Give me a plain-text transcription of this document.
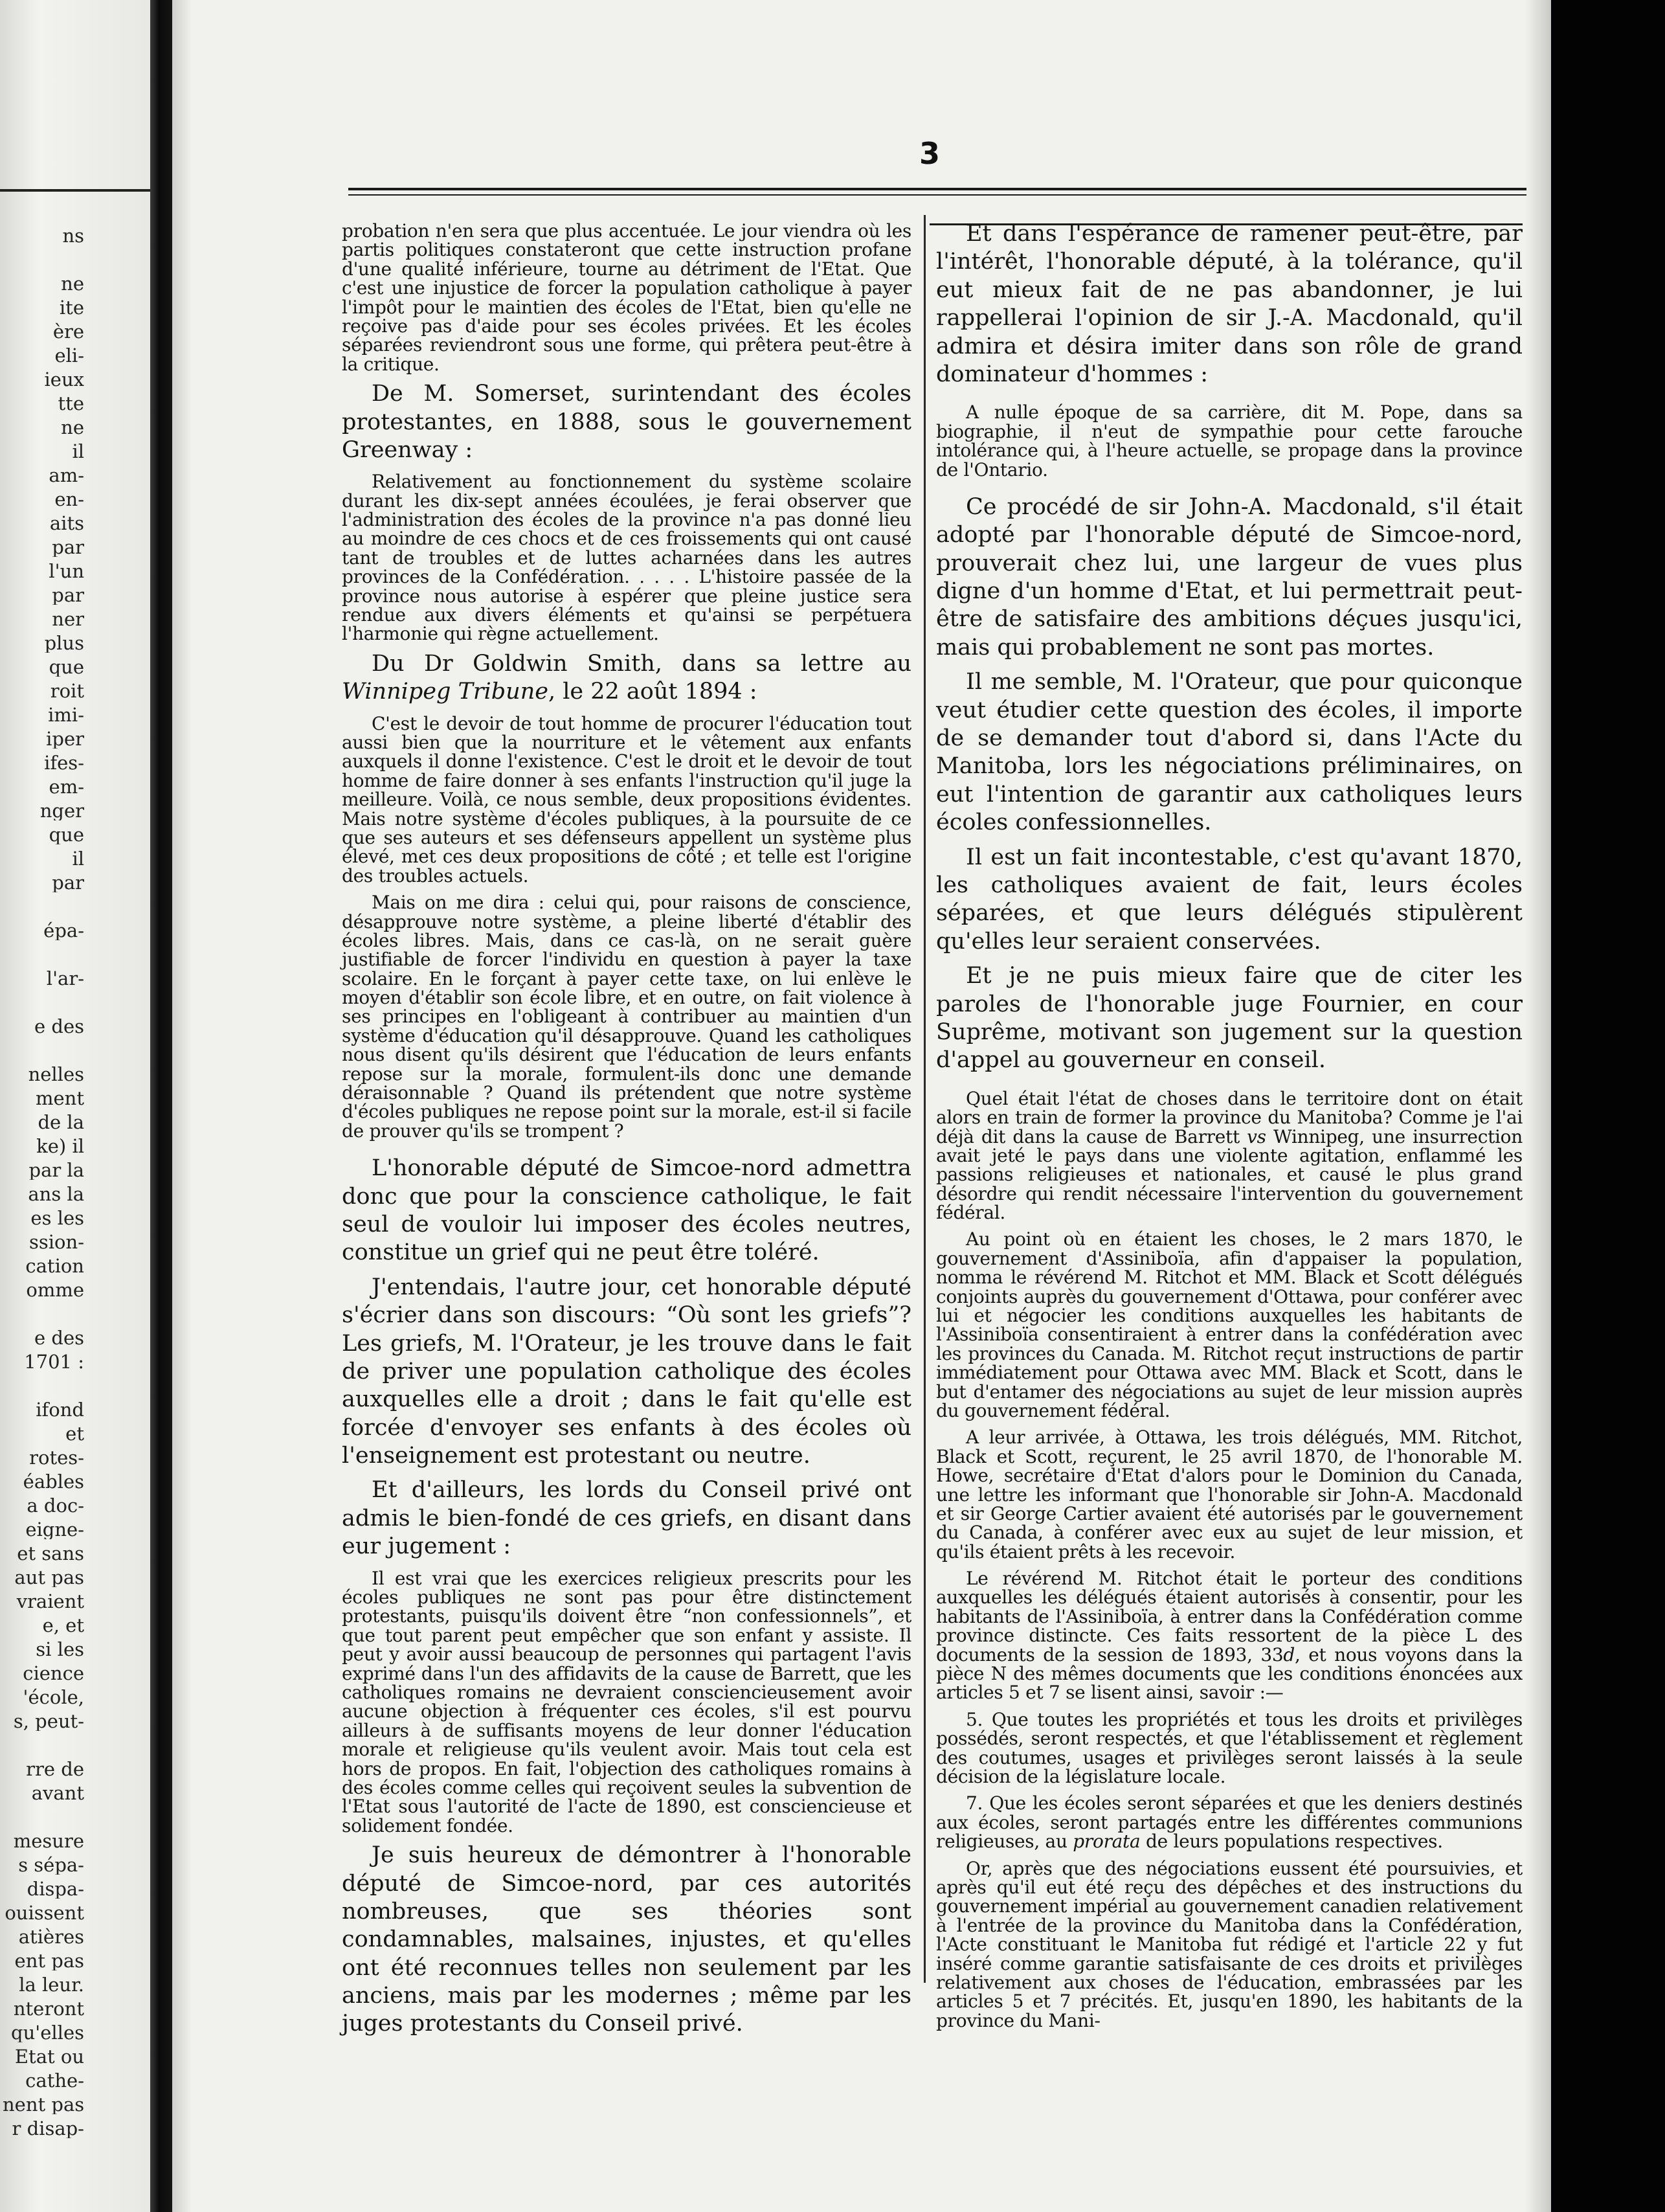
ns
ne
ite
ère
eli-
ieux
tte
ne
il
am-
en-
aits
par
l'un
par
ner
plus
que
roit
imi-
iper
ifes-
em-
nger
que
il
par
épa-
l'ar-
e des
nelles
ment
de la
ke) il
par la
ans la
es les
ssion-
cation
omme
e des
1701 :
ifond
et
rotes-
éables
a doc-
eigne-
et sans
aut pas
vraient
e, et
si les
cience
'école,
s, peut-
rre de
avant
mesure
s sépa-
dispa-
ouissent
atières
ent pas
la leur.
nteront
qu'elles
Etat ou
cathe-
nent pas
r disap-
3

probation n'en sera que plus accentuée. Le jour viendra où les partis politiques constateront que cette instruction profane d'une qualité inférieure, tourne au détriment de l'Etat. Que c'est une injustice de forcer la population catholique à payer l'impôt pour le maintien des écoles de l'Etat, bien qu'elle ne reçoive pas d'aide pour ses écoles privées. Et les écoles séparées reviendront sous une forme, qui prêtera peut-être à la critique.

De M. Somerset, surintendant des écoles protestantes, en 1888, sous le gouvernement Greenway :

Relativement au fonctionnement du système scolaire durant les dix-sept années écoulées, je ferai observer que l'administration des écoles de la province n'a pas donné lieu au moindre de ces chocs et de ces froissements qui ont causé tant de troubles et de luttes acharnées dans les autres provinces de la Confédération. . . . . L'histoire passée de la province nous autorise à espérer que pleine justice sera rendue aux divers éléments et qu'ainsi se perpétuera l'harmonie qui règne actuellement.

Du Dr Goldwin Smith, dans sa lettre au Winnipeg Tribune, le 22 août 1894 :

C'est le devoir de tout homme de procurer l'éducation tout aussi bien que la nourriture et le vêtement aux enfants auxquels il donne l'existence. C'est le droit et le devoir de tout homme de faire donner à ses enfants l'instruction qu'il juge la meilleure. Voilà, ce nous semble, deux propositions évidentes. Mais notre système d'écoles publiques, à la poursuite de ce que ses auteurs et ses défenseurs appellent un système plus élevé, met ces deux propositions de côté ; et telle est l'origine des troubles actuels.

Mais on me dira : celui qui, pour raisons de conscience, désapprouve notre système, a pleine liberté d'établir des écoles libres. Mais, dans ce cas-là, on ne serait guère justifiable de forcer l'individu en question à payer la taxe scolaire. En le forçant à payer cette taxe, on lui enlève le moyen d'établir son école libre, et en outre, on fait violence à ses principes en l'obligeant à contribuer au maintien d'un système d'éducation qu'il désapprouve. Quand les catholiques nous disent qu'ils désirent que l'éducation de leurs enfants repose sur la morale, formulent-ils donc une demande déraisonnable ? Quand ils prétendent que notre système d'écoles publiques ne repose point sur la morale, est-il si facile de prouver qu'ils se trompent ?

L'honorable député de Simcoe-nord admettra donc que pour la conscience catholique, le fait seul de vouloir lui imposer des écoles neutres, constitue un grief qui ne peut être toléré.

J'entendais, l'autre jour, cet honorable député s'écrier dans son discours: “Où sont les griefs”? Les griefs, M. l'Orateur, je les trouve dans le fait de priver une population catholique des écoles auxquelles elle a droit ; dans le fait qu'elle est forcée d'envoyer ses enfants à des écoles où l'enseignement est protestant ou neutre.

Et d'ailleurs, les lords du Conseil privé ont admis le bien-fondé de ces griefs, en disant dans eur jugement :

Il est vrai que les exercices religieux prescrits pour les écoles publiques ne sont pas pour être distinctement protestants, puisqu'ils doivent être “non confessionnels”, et que tout parent peut empêcher que son enfant y assiste. Il peut y avoir aussi beaucoup de personnes qui partagent l'avis exprimé dans l'un des affidavits de la cause de Barrett, que les catholiques romains ne devraient consciencieusement avoir aucune objection à fréquenter ces écoles, s'il est pourvu ailleurs à de suffisants moyens de leur donner l'éducation morale et religieuse qu'ils veulent avoir. Mais tout cela est hors de propos. En fait, l'objection des catholiques romains à des écoles comme celles qui reçoivent seules la subvention de l'Etat sous l'autorité de l'acte de 1890, est consciencieuse et solidement fondée.

Je suis heureux de démontrer à l'honorable député de Simcoe-nord, par ces autorités nombreuses, que ses théories sont condamnables, malsaines, injustes, et qu'elles ont été reconnues telles non seulement par les anciens, mais par les modernes ; même par les juges protestants du Conseil privé.

Et dans l'espérance de ramener peut-être, par l'intérêt, l'honorable député, à la tolérance, qu'il eut mieux fait de ne pas abandonner, je lui rappellerai l'opinion de sir J.-A. Macdonald, qu'il admira et désira imiter dans son rôle de grand dominateur d'hommes :

A nulle époque de sa carrière, dit M. Pope, dans sa biographie, il n'eut de sympathie pour cette farouche intolérance qui, à l'heure actuelle, se propage dans la province de l'Ontario.

Ce procédé de sir John-A. Macdonald, s'il était adopté par l'honorable député de Simcoe-nord, prouverait chez lui, une largeur de vues plus digne d'un homme d'Etat, et lui permettrait peut-être de satisfaire des ambitions déçues jusqu'ici, mais qui probablement ne sont pas mortes.

Il me semble, M. l'Orateur, que pour quiconque veut étudier cette question des écoles, il importe de se demander tout d'abord si, dans l'Acte du Manitoba, lors les négociations préliminaires, on eut l'intention de garantir aux catholiques leurs écoles confessionnelles.

Il est un fait incontestable, c'est qu'avant 1870, les catholiques avaient de fait, leurs écoles séparées, et que leurs délégués stipulèrent qu'elles leur seraient conservées.

Et je ne puis mieux faire que de citer les paroles de l'honorable juge Fournier, en cour Suprême, motivant son jugement sur la question d'appel au gouverneur en conseil.

Quel était l'état de choses dans le territoire dont on était alors en train de former la province du Manitoba? Comme je l'ai déjà dit dans la cause de Barrett vs Winnipeg, une insurrection avait jeté le pays dans une violente agitation, enflammé les passions religieuses et nationales, et causé le plus grand désordre qui rendit nécessaire l'intervention du gouvernement fédéral.

Au point où en étaient les choses, le 2 mars 1870, le gouvernement d'Assiniboïa, afin d'appaiser la population, nomma le révérend M. Ritchot et MM. Black et Scott délégués conjoints auprès du gouvernement d'Ottawa, pour conférer avec lui et négocier les conditions auxquelles les habitants de l'Assiniboïa consentiraient à entrer dans la confédération avec les provinces du Canada. M. Ritchot reçut instructions de partir immédiatement pour Ottawa avec MM. Black et Scott, dans le but d'entamer des négociations au sujet de leur mission auprès du gouvernement fédéral.

A leur arrivée, à Ottawa, les trois délégués, MM. Ritchot, Black et Scott, reçurent, le 25 avril 1870, de l'honorable M. Howe, secrétaire d'Etat d'alors pour le Dominion du Canada, une lettre les informant que l'honorable sir John-A. Macdonald et sir George Cartier avaient été autorisés par le gouvernement du Canada, à conférer avec eux au sujet de leur mission, et qu'ils étaient prêts à les recevoir.

Le révérend M. Ritchot était le porteur des conditions auxquelles les délégués étaient autorisés à consentir, pour les habitants de l'Assiniboïa, à entrer dans la Confédération comme province distincte. Ces faits ressortent de la pièce L des documents de la session de 1893, 33d, et nous voyons dans la pièce N des mêmes documents que les conditions énoncées aux articles 5 et 7 se lisent ainsi, savoir :—

5. Que toutes les propriétés et tous les droits et privilèges possédés, seront respectés, et que l'établissement et règlement des coutumes, usages et privilèges seront laissés à la seule décision de la législature locale.

7. Que les écoles seront séparées et que les deniers destinés aux écoles, seront partagés entre les différentes communions religieuses, au prorata de leurs populations respectives.

Or, après que des négociations eussent été poursuivies, et après qu'il eut été reçu des dépêches et des instructions du gouvernement impérial au gouvernement canadien relativement à l'entrée de la province du Manitoba dans la Confédération, l'Acte constituant le Manitoba fut rédigé et l'article 22 y fut inséré comme garantie satisfaisante de ces droits et privilèges relativement aux choses de l'éducation, embrassées par les articles 5 et 7 précités. Et, jusqu'en 1890, les habitants de la province du Mani-
